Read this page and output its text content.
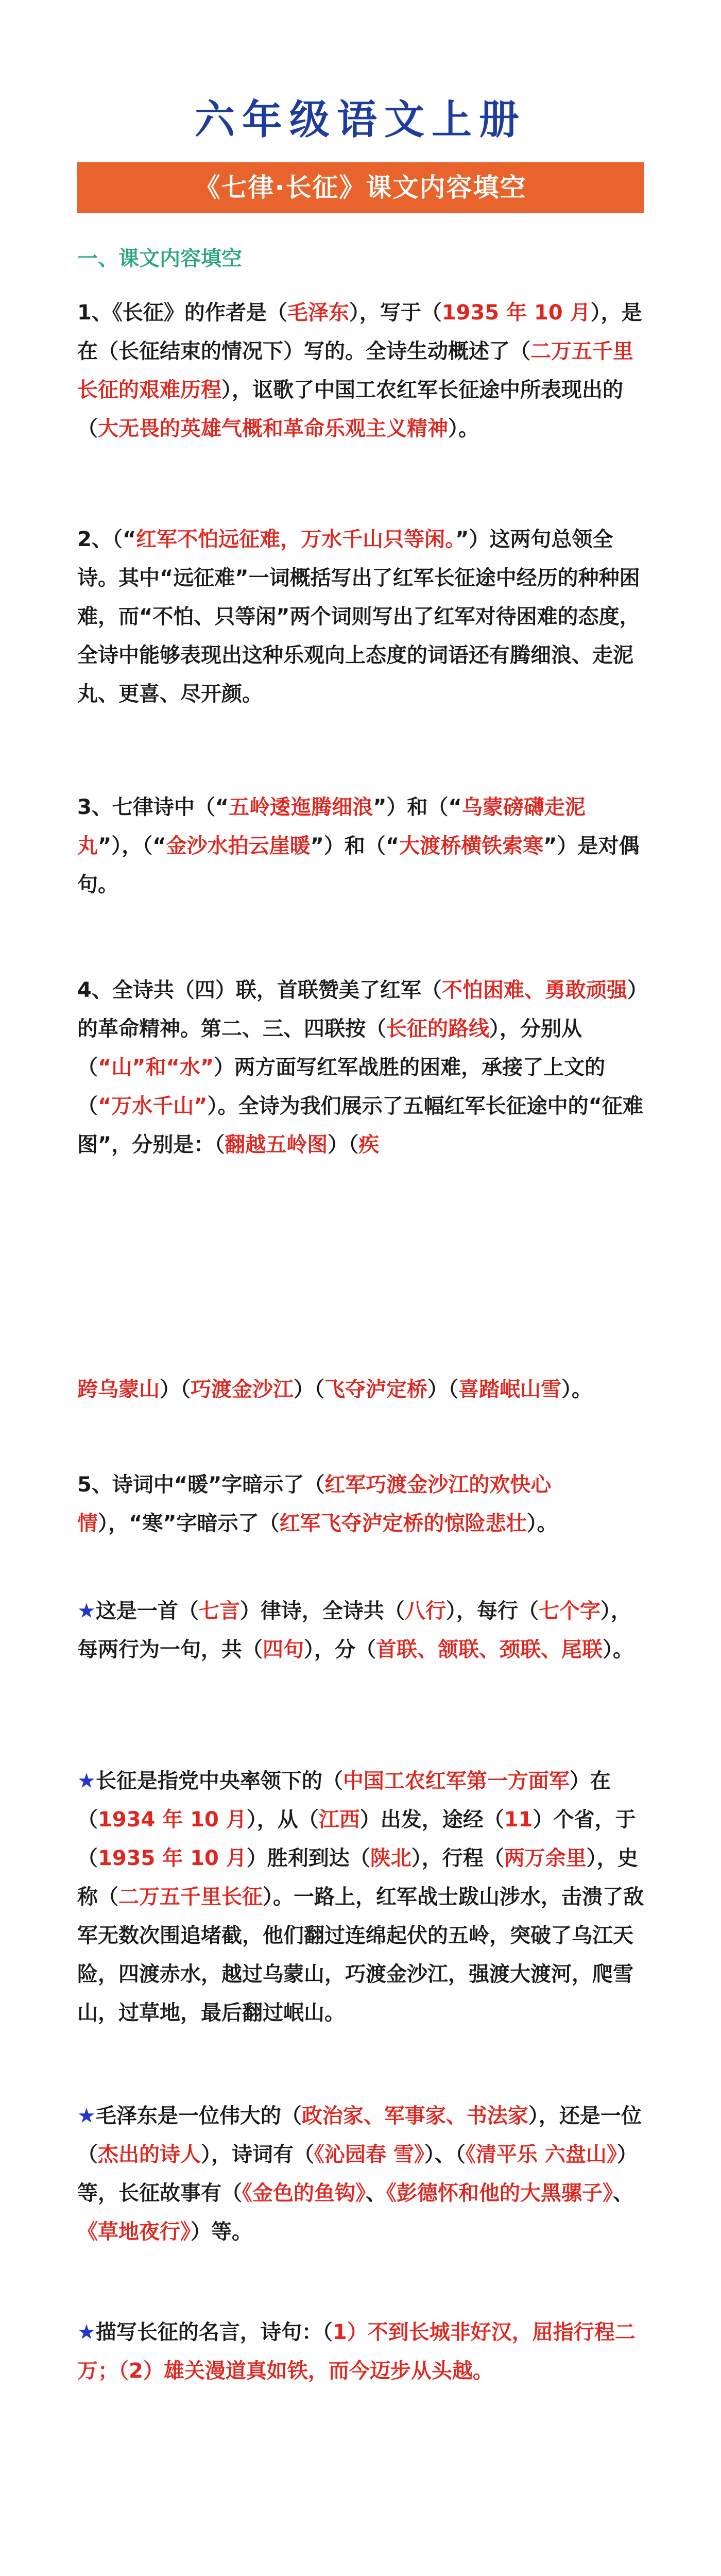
六年级语文上册
《七律·长征》课文内容填空
一、课文内容填空
1、《长征》的作者是（毛泽东），写于（1935 年 10 月），是在（长征结束的情况下）写的。全诗生动概述了（二万五千里长征的艰难历程），讴歌了中国工农红军长征途中所表现出的（大无畏的英雄气概和革命乐观主义精神）。
2、（“红军不怕远征难，万水千山只等闲。”）这两句总领全诗。其中“远征难”一词概括写出了红军长征途中经历的种种困难，而“不怕、只等闲”两个词则写出了红军对待困难的态度，全诗中能够表现出这种乐观向上态度的词语还有腾细浪、走泥丸、更喜、尽开颜。
3、七律诗中（“五岭逶迤腾细浪”）和（“乌蒙磅礴走泥丸”），（“金沙水拍云崖暖”）和（“大渡桥横铁索寒”）是对偶句。
4、全诗共（四）联，首联赞美了红军（不怕困难、勇敢顽强）的革命精神。第二、三、四联按（长征的路线），分别从（“山”和“水”）两方面写红军战胜的困难，承接了上文的（“万水千山”）。全诗为我们展示了五幅红军长征途中的“征难图”，分别是：（翻越五岭图）（疾
跨乌蒙山）（巧渡金沙江）（飞夺泸定桥）（喜踏岷山雪）。
5、诗词中“暖”字暗示了（红军巧渡金沙江的欢快心情），“寒”字暗示了（红军飞夺泸定桥的惊险悲壮）。
★这是一首（七言）律诗，全诗共（八行），每行（七个字），每两行为一句，共（四句），分（首联、颔联、颈联、尾联）。
★长征是指党中央率领下的（中国工农红军第一方面军）在（1934 年 10 月），从（江西）出发，途经（11）个省，于（1935 年 10 月）胜利到达（陕北），行程（两万余里），史称（二万五千里长征）。一路上，红军战士跋山涉水，击溃了敌军无数次围追堵截，他们翻过连绵起伏的五岭，突破了乌江天险，四渡赤水，越过乌蒙山，巧渡金沙江，强渡大渡河，爬雪山，过草地，最后翻过岷山。
★毛泽东是一位伟大的（政治家、军事家、书法家），还是一位（杰出的诗人），诗词有（《沁园春 雪》）、（《清平乐 六盘山》）等，长征故事有（《金色的鱼钩》、《彭德怀和他的大黑骡子》、《草地夜行》）等。
★描写长征的名言，诗句：（1）不到长城非好汉，屈指行程二万；（2）雄关漫道真如铁，而今迈步从头越。
